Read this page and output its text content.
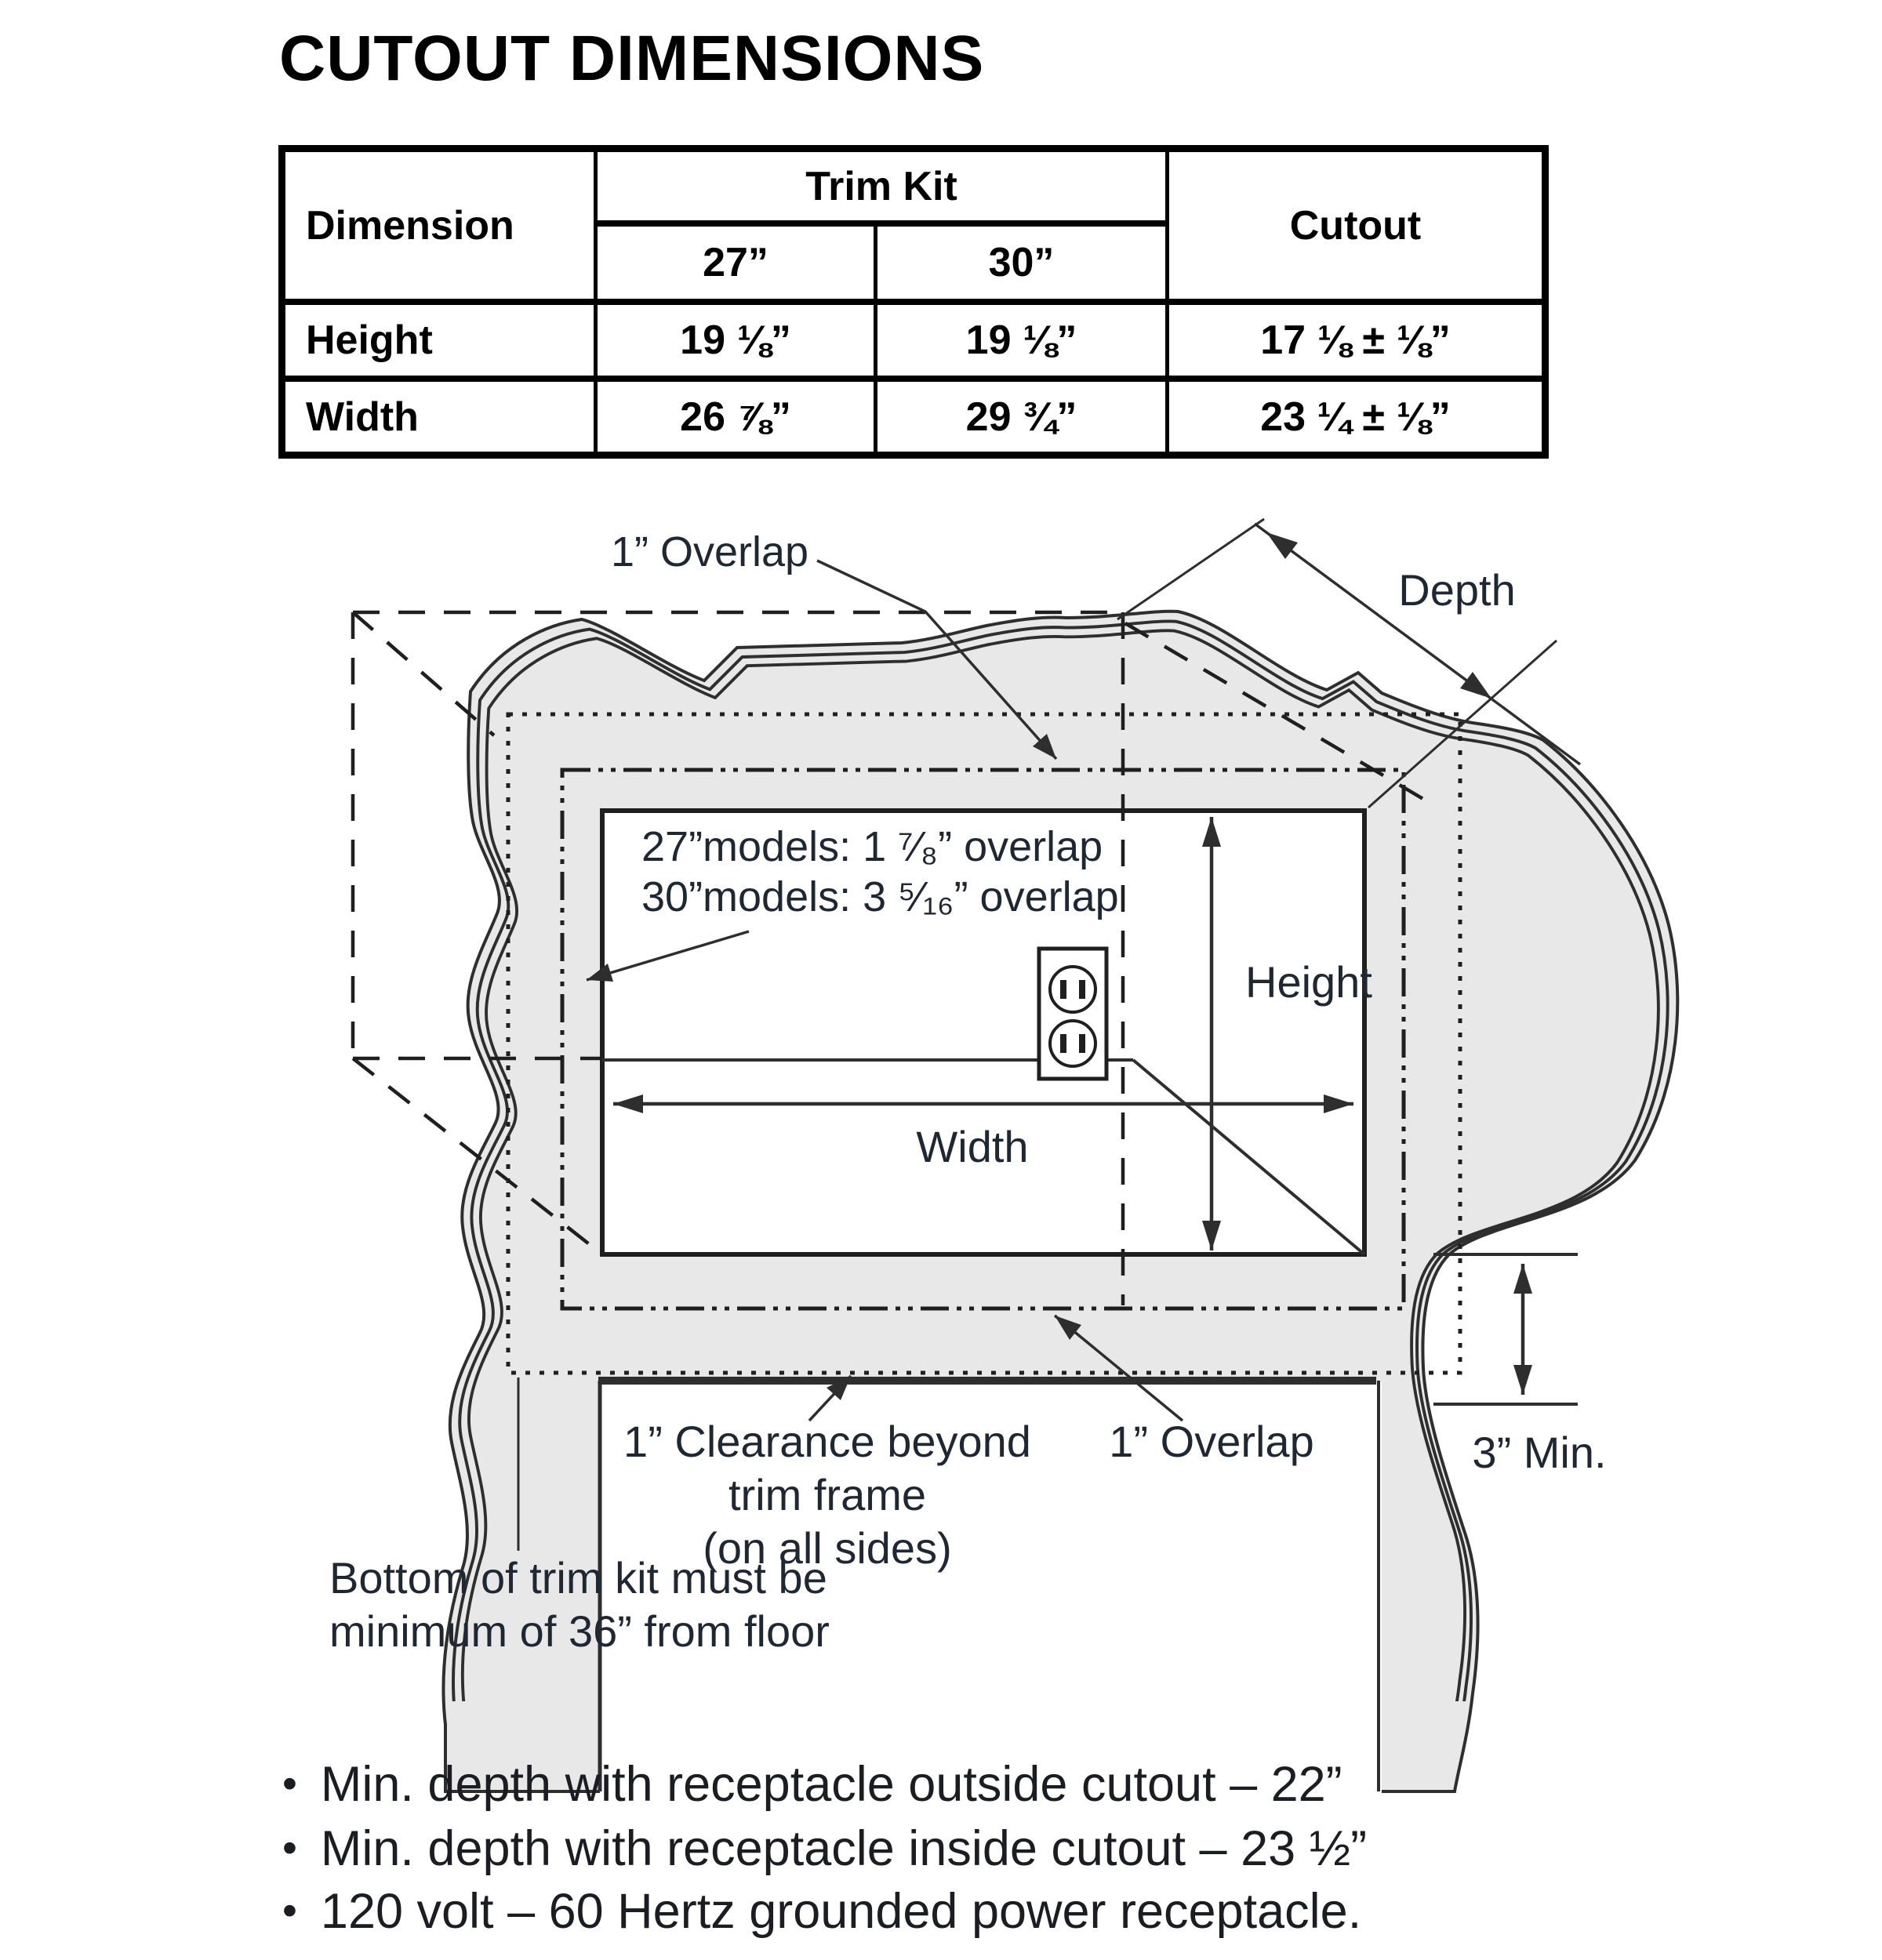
1” Overlap
Depth
27”models: 1 ⁷⁄₈” overlap
30”models: 3 ⁵⁄₁₆” overlap
Height
Width
1” Clearance beyond
trim frame
(on all sides)
1” Overlap	3” Min.
Bottom of trim kit must be
minimum of 36” from floor
CUTOUT DIMENSIONS
Dimension
Trim Kit
Cutout
27”	30”
Height	19 ⅛”	19 ⅛”	17 ⅛ ± ⅛”
Width	26 ⅞”	29 ¾”	23 ¼ ± ⅛”
• Min. depth with receptacle outside cutout – 22”
• Min. depth with receptacle inside cutout – 23 ½”
• 120 volt – 60 Hertz grounded power receptacle.
